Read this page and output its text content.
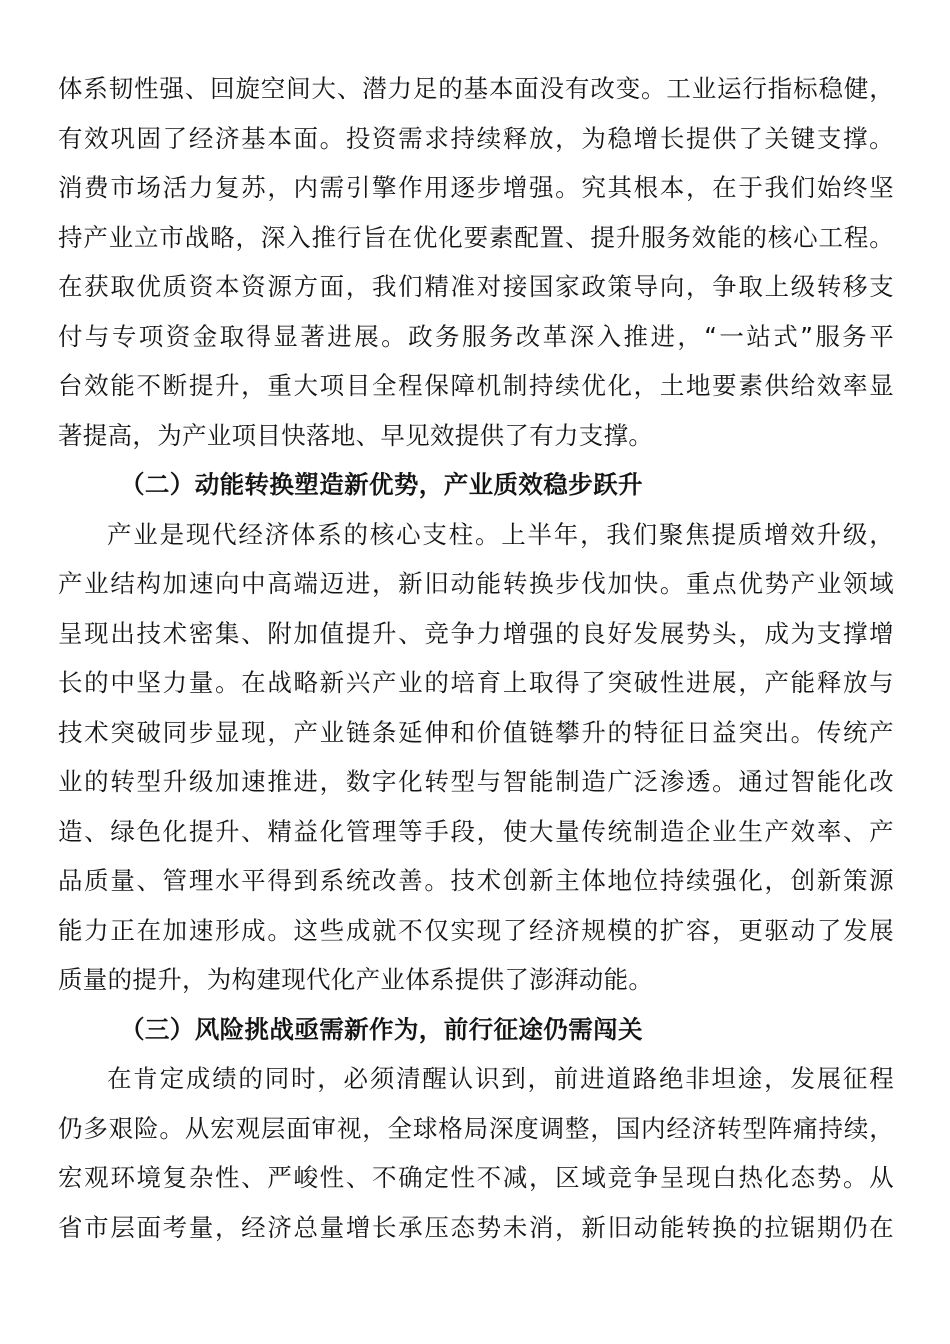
体系韧性强、回旋空间大、潜力足的基本面没有改变。工业运行指标稳健，
有效巩固了经济基本面。投资需求持续释放，为稳增长提供了关键支撑。
消费市场活力复苏，内需引擎作用逐步增强。究其根本，在于我们始终坚
持产业立市战略，深入推行旨在优化要素配置、提升服务效能的核心工程。
在获取优质资本资源方面，我们精准对接国家政策导向，争取上级转移支
付与专项资金取得显著进展。政务服务改革深入推进，“一站式”服务平
台效能不断提升，重大项目全程保障机制持续优化，土地要素供给效率显
著提高，为产业项目快落地、早见效提供了有力支撑。
（二）动能转换塑造新优势，产业质效稳步跃升
产业是现代经济体系的核心支柱。上半年，我们聚焦提质增效升级，
产业结构加速向中高端迈进，新旧动能转换步伐加快。重点优势产业领域
呈现出技术密集、附加值提升、竞争力增强的良好发展势头，成为支撑增
长的中坚力量。在战略新兴产业的培育上取得了突破性进展，产能释放与
技术突破同步显现，产业链条延伸和价值链攀升的特征日益突出。传统产
业的转型升级加速推进，数字化转型与智能制造广泛渗透。通过智能化改
造、绿色化提升、精益化管理等手段，使大量传统制造企业生产效率、产
品质量、管理水平得到系统改善。技术创新主体地位持续强化，创新策源
能力正在加速形成。这些成就不仅实现了经济规模的扩容，更驱动了发展
质量的提升，为构建现代化产业体系提供了澎湃动能。
（三）风险挑战亟需新作为，前行征途仍需闯关
在肯定成绩的同时，必须清醒认识到，前进道路绝非坦途，发展征程
仍多艰险。从宏观层面审视，全球格局深度调整，国内经济转型阵痛持续，
宏观环境复杂性、严峻性、不确定性不减，区域竞争呈现白热化态势。从
省市层面考量，经济总量增长承压态势未消，新旧动能转换的拉锯期仍在
